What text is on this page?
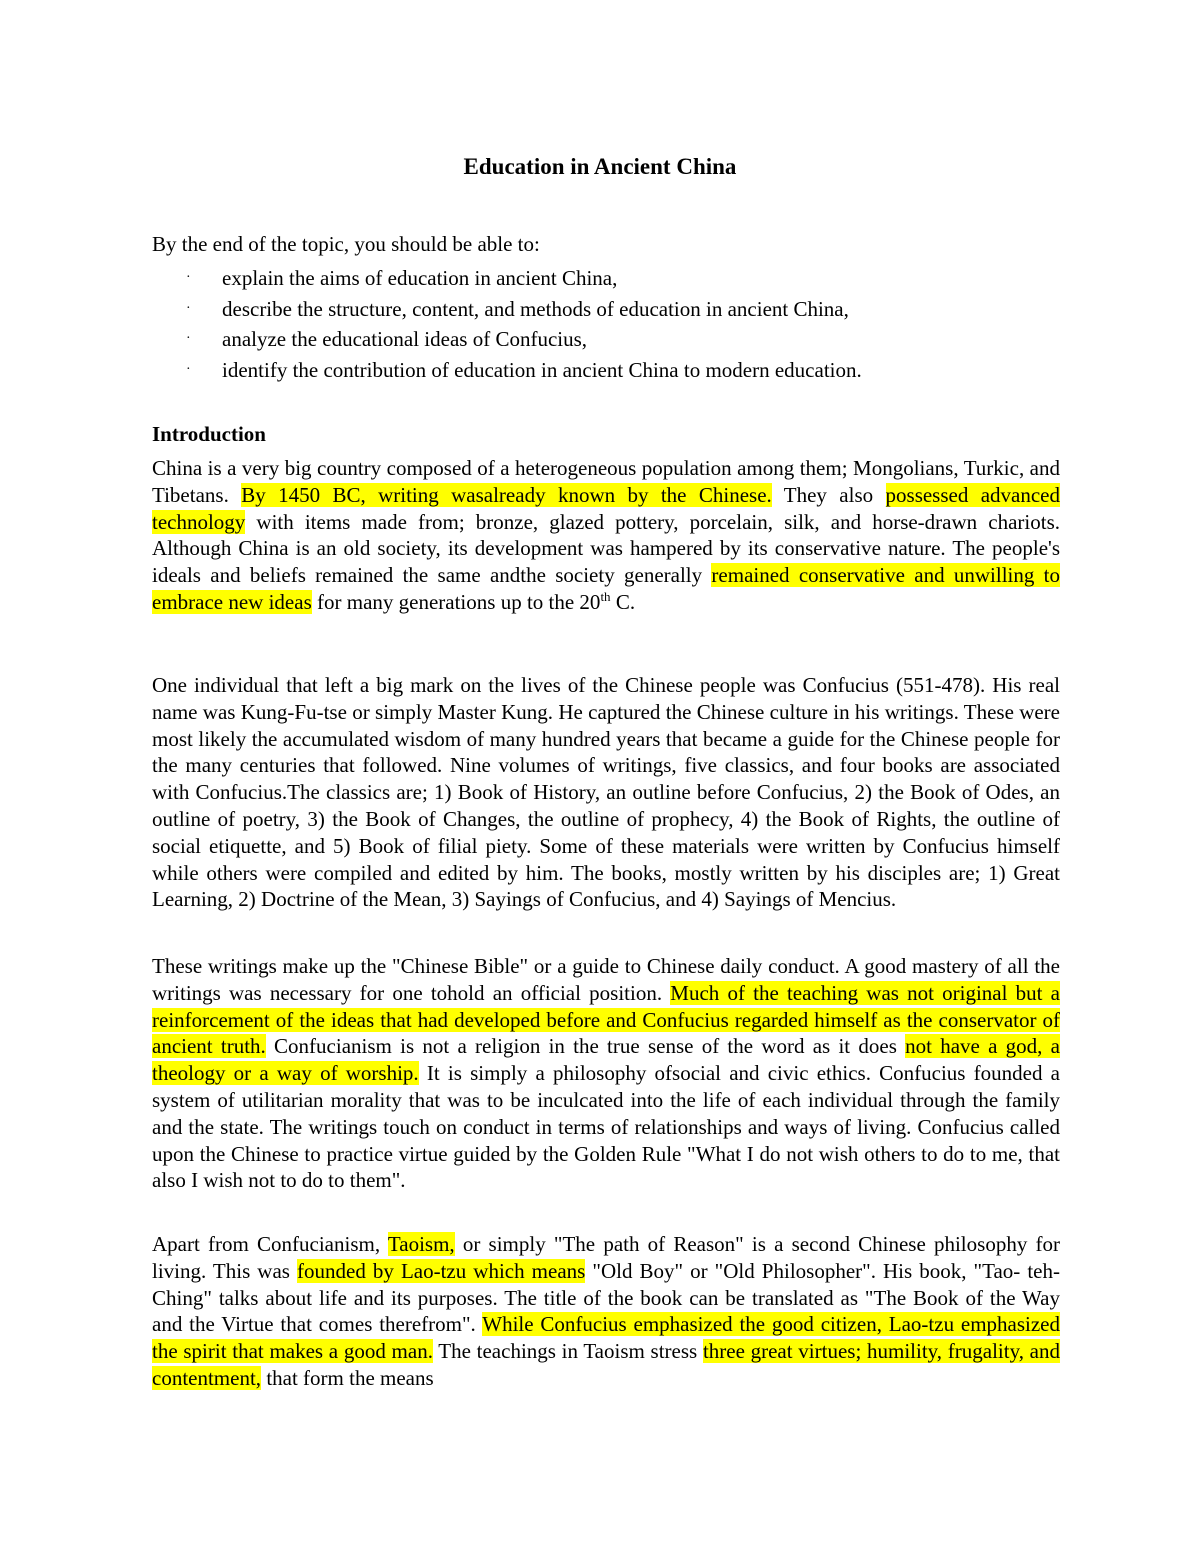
Education in Ancient China
By the end of the topic, you should be able to:
· explain the aims of education in ancient China,
· describe the structure, content, and methods of education in ancient China,
· analyze the educational ideas of Confucius,
· identify the contribution of education in ancient China to modern education.
Introduction

China is a very big country composed of a heterogeneous population among them; Mongolians, Turkic, and Tibetans. By 1450 BC, writing wasalready known by the Chinese. They also possessed advanced technology with items made from; bronze, glazed pottery, porcelain, silk, and horse-drawn chariots. Although China is an old society, its development was hampered by its conservative nature. The people's ideals and beliefs remained the same andthe society generally remained conservative and unwilling to embrace new ideas for many generations up to the 20th C.

One individual that left a big mark on the lives of the Chinese people was Confucius (551-478). His real name was Kung-Fu-tse or simply Master Kung. He captured the Chinese culture in his writings. These were most likely the accumulated wisdom of many hundred years that became a guide for the Chinese people for the many centuries that followed. Nine volumes of writings, five classics, and four books are associated with Confucius.The classics are; 1) Book of History, an outline before Confucius, 2) the Book of Odes, an outline of poetry, 3) the Book of Changes, the outline of prophecy, 4) the Book of Rights, the outline of social etiquette, and 5) Book of filial piety. Some of these materials were written by Confucius himself while others were compiled and edited by him. The books, mostly written by his disciples are; 1) Great Learning, 2) Doctrine of the Mean, 3) Sayings of Confucius, and 4) Sayings of Mencius.

These writings make up the "Chinese Bible" or a guide to Chinese daily conduct. A good mastery of all the writings was necessary for one tohold an official position. Much of the teaching was not original but a reinforcement of the ideas that had developed before and Confucius regarded himself as the conservator of ancient truth. Confucianism is not a religion in the true sense of the word as it does not have a god, a theology or a way of worship. It is simply a philosophy ofsocial and civic ethics. Confucius founded a system of utilitarian morality that was to be inculcated into the life of each individual through the family and the state. The writings touch on conduct in terms of relationships and ways of living. Confucius called upon the Chinese to practice virtue guided by the Golden Rule "What I do not wish others to do to me, that also I wish not to do to them".

Apart from Confucianism, Taoism, or simply "The path of Reason" is a second Chinese philosophy for living. This was founded by Lao-tzu which means "Old Boy" or "Old Philosopher". His book, "Tao- teh-Ching" talks about life and its purposes. The title of the book can be translated as "The Book of the Way and the Virtue that comes therefrom". While Confucius emphasized the good citizen, Lao-tzu emphasized the spirit that makes a good man. The teachings in Taoism stress three great virtues; humility, frugality, and contentment, that form the means
